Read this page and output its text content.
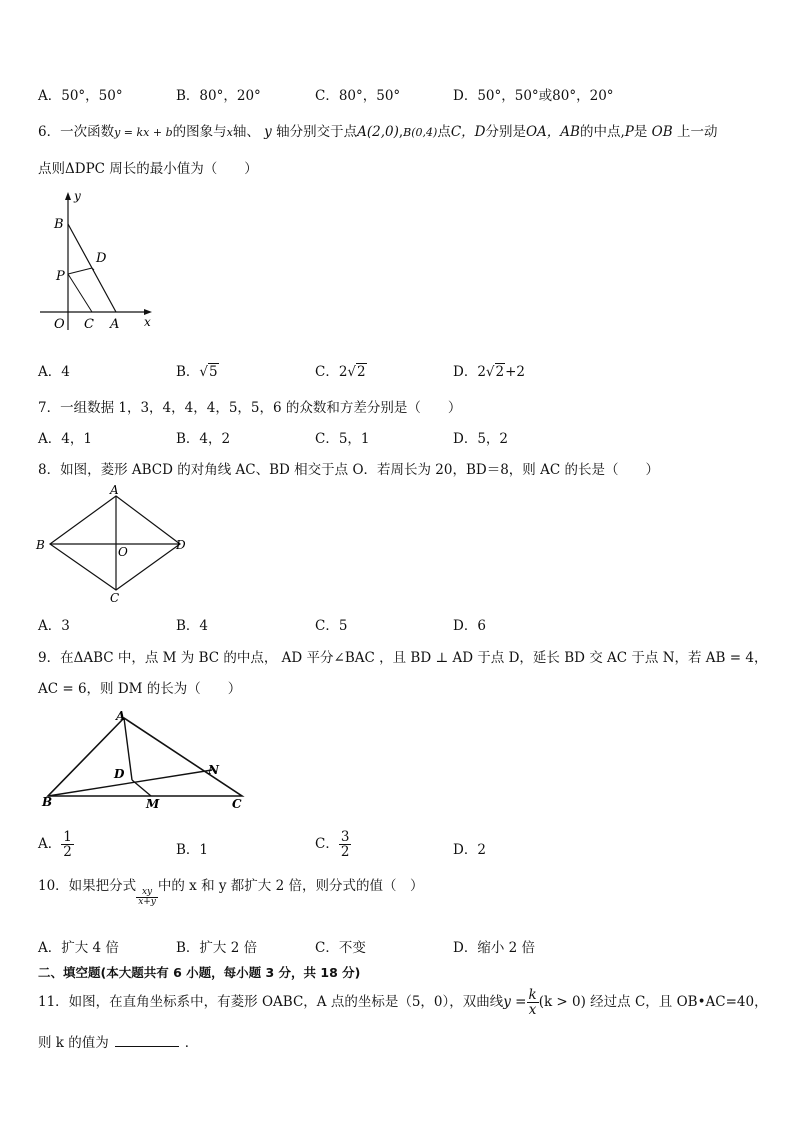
A．50°，50°	B．80°，20°	C．80°，50°	D．50°，50°或80°，20°
6．一次函数y = kx + b的图象与x轴、 y 轴分别交于点A(2,0),B(0,4)点C，D分别是OA，AB的中点,P是 OB 上一动
点则ΔDPC 周长的最小值为（　　）
y
B
D
P
O C A x
A．4	B．√5	C．2√2	D．2√2+2
7．一组数据 1，3，4，4，4，5，5，6 的众数和方差分别是（　　）
A．4，1	B．4，2	C．5，1	D．5，2
8．如图，菱形 ABCD 的对角线 AC、BD 相交于点 O．若周长为 20，BD＝8，则 AC 的长是（　　）
A
B	O	D
C
A．3	B．4	C．5	D．6
9．在ΔABC 中，点 M 为 BC 的中点， AD 平分∠BAC ，且 BD ⊥ AD 于点 D，延长 BD 交 AC 于点 N，若 AB = 4，
AC = 6，则 DM 的长为（　　）
A
D	N
B	M	C
A． $\frac{1}{2}$	B．1	C． $\frac{3}{2}$	D．2
10．如果把分式
$\frac{xy}{x+y}$
中的 x 和 y 都扩大 2 倍，则分式的值（　）
A．扩大 4 倍	B．扩大 2 倍	C．不变	D．缩小 2 倍
二、填空题(本大题共有 6 小题，每小题 3 分，共 18 分)
11．如图，在直角坐标系中，有菱形 OABC，A 点的坐标是（5，0），双曲线$y = \frac{k}{x} (k > 0)$ 经过点 C，且 OB•AC=40，
则 k 的值为	．
